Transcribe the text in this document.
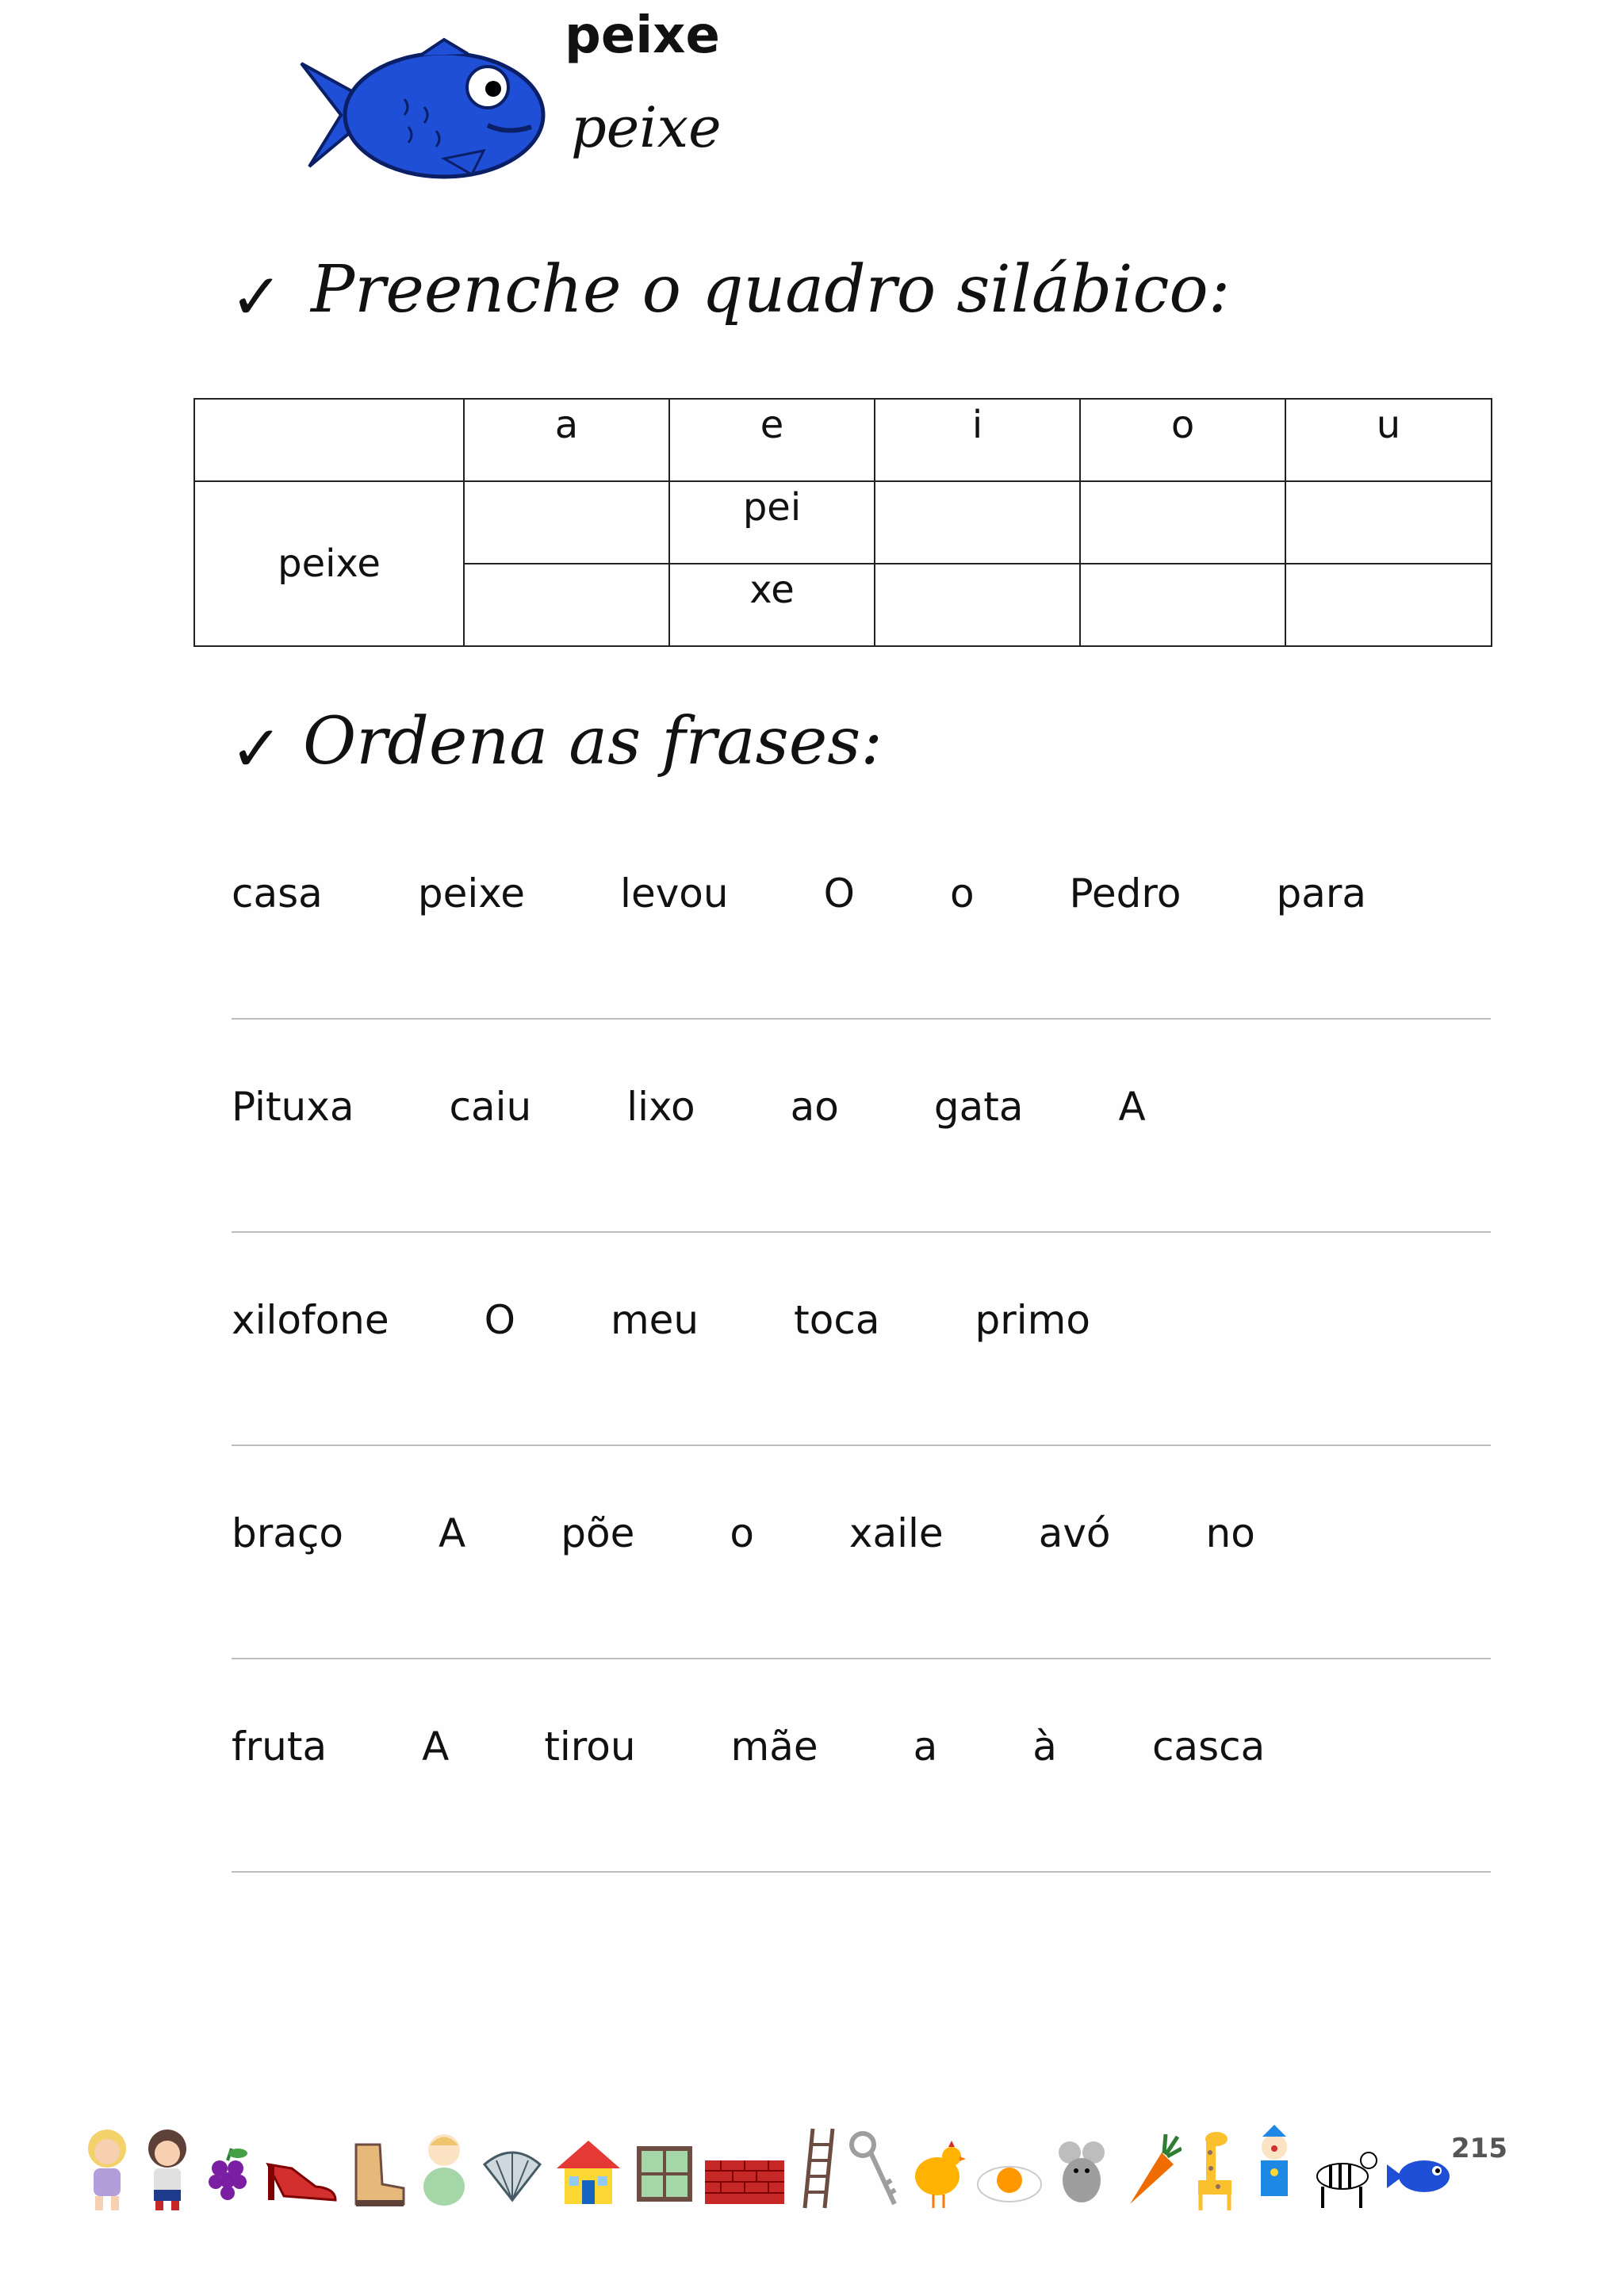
peixe
peixe
✓ Preenche o quadro silábico:
	a	e	i	o	u
peixe		pei			
		xe			
✓ Ordena as frases:
casa peixe levou O o Pedro para
Pituxa caiu lixo ao gata A
xilofone O meu toca primo
braço A põe o xaile avó no
fruta A tirou mãe a à casca
215
